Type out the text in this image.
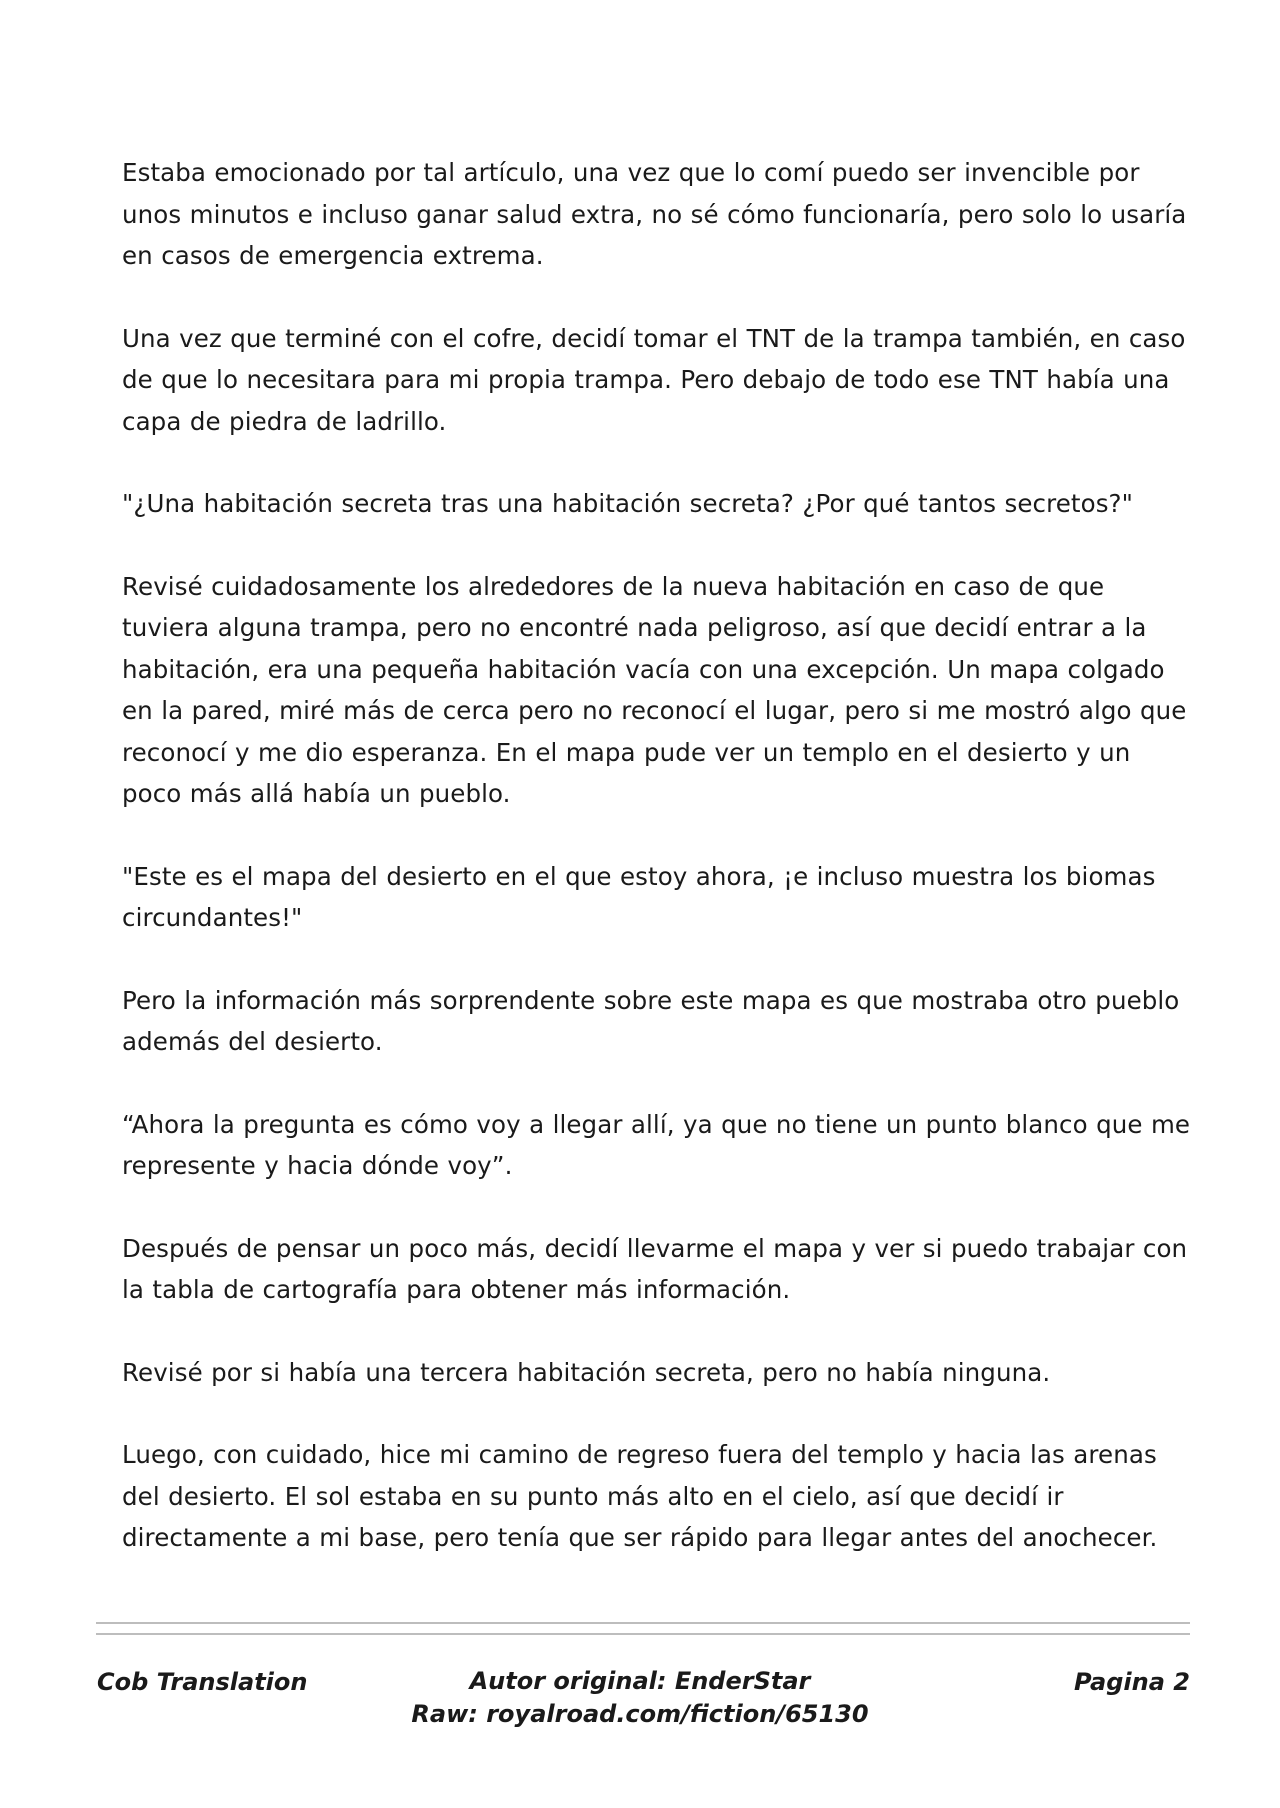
Estaba emocionado por tal artículo, una vez que lo comí puedo ser invencible por unos minutos e incluso ganar salud extra, no sé cómo funcionaría, pero solo lo usaría en casos de emergencia extrema.

Una vez que terminé con el cofre, decidí tomar el TNT de la trampa también, en caso de que lo necesitara para mi propia trampa. Pero debajo de todo ese TNT había una capa de piedra de ladrillo.

"¿Una habitación secreta tras una habitación secreta? ¿Por qué tantos secretos?"

Revisé cuidadosamente los alrededores de la nueva habitación en caso de que tuviera alguna trampa, pero no encontré nada peligroso, así que decidí entrar a la habitación, era una pequeña habitación vacía con una excepción. Un mapa colgado en la pared, miré más de cerca pero no reconocí el lugar, pero si me mostró algo que reconocí y me dio esperanza. En el mapa pude ver un templo en el desierto y un poco más allá había un pueblo.

"Este es el mapa del desierto en el que estoy ahora, ¡e incluso muestra los biomas circundantes!"

Pero la información más sorprendente sobre este mapa es que mostraba otro pueblo además del desierto.

“Ahora la pregunta es cómo voy a llegar allí, ya que no tiene un punto blanco que me represente y hacia dónde voy”.

Después de pensar un poco más, decidí llevarme el mapa y ver si puedo trabajar con la tabla de cartografía para obtener más información.

Revisé por si había una tercera habitación secreta, pero no había ninguna.

Luego, con cuidado, hice mi camino de regreso fuera del templo y hacia las arenas del desierto. El sol estaba en su punto más alto en el cielo, así que decidí ir directamente a mi base, pero tenía que ser rápido para llegar antes del anochecer.

Cob Translation	Autor original: EnderStar
Raw: royalroad.com/fiction/65130
Pagina 2
